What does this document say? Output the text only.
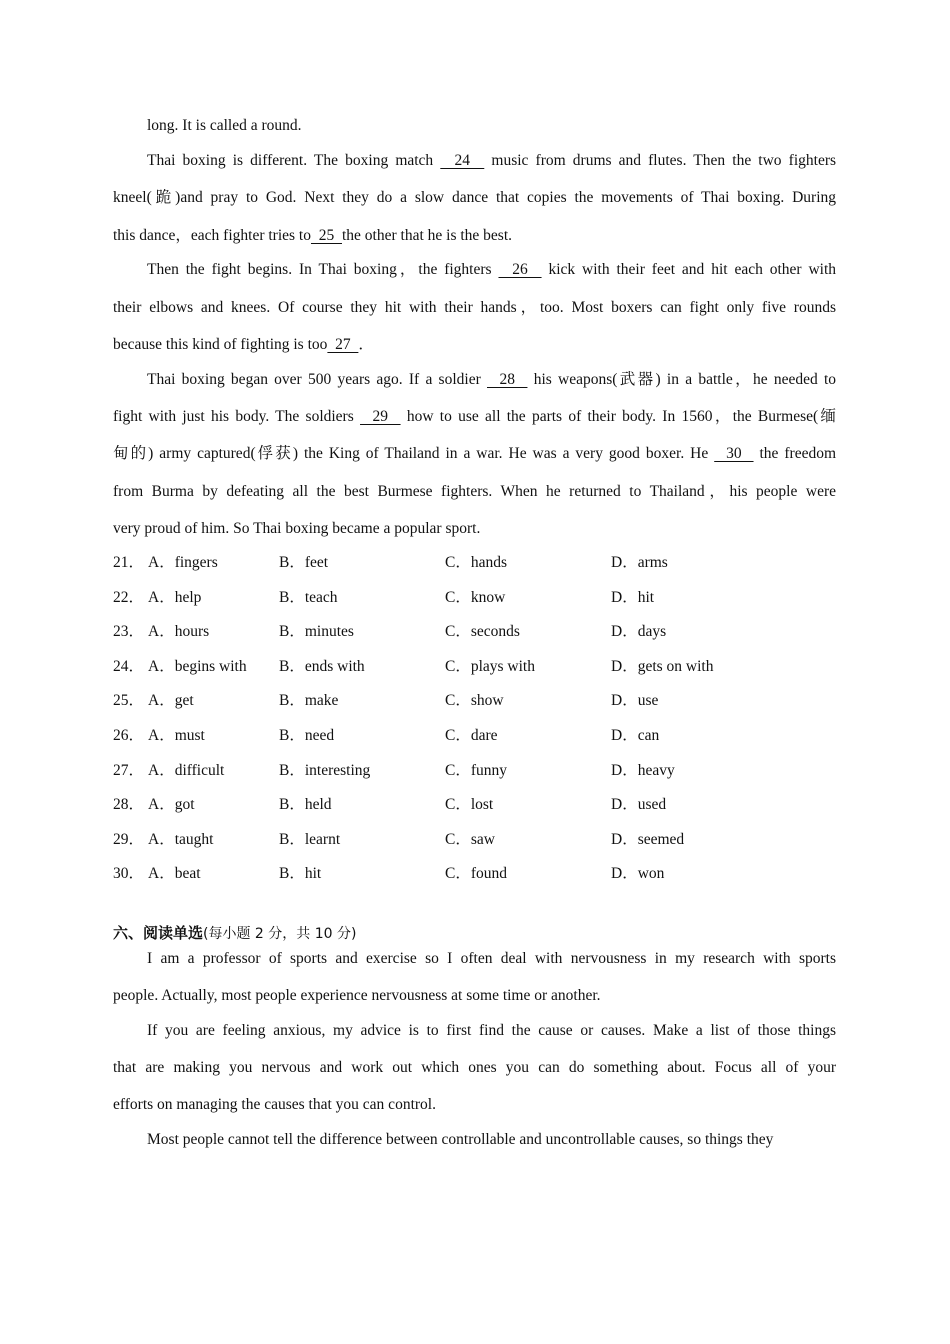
long. It is called a round.
Thai boxing is different. The boxing match   24   music from drums and flutes. Then the two fighters
kneel(跪)and pray to God. Next they do a slow dance that copies the movements of Thai boxing. During
this dance，each fighter tries to  25  the other that he is the best.
Then the fight begins. In Thai boxing，the fighters   26   kick with their feet and hit each other with
their elbows and knees. Of course they hit with their hands，too. Most boxers can fight only five rounds
because this kind of fighting is too  27  ．
Thai boxing began over 500 years ago. If a soldier   28   his weapons(武器) in a battle，he needed to
fight with just his body. The soldiers   29   how to use all the parts of their body. In 1560，the Burmese(缅
甸的) army captured(俘获) the King of Thailand in a war. He was a very good boxer. He   30   the freedom
from Burma by defeating all the best Burmese fighters. When he returned to Thailand，his people were
very proud of him. So Thai boxing became a popular sport.
21． A．fingers	B．feet	C．hands	D．arms
22． A．help	B．teach	C．know	D．hit
23． A．hours	B．minutes	C．seconds	D．days
24． A．begins with B．ends with	C．plays with	D．gets on with
25． A．get	B．make	C．show	D．use
26． A．must	B．need	C．dare	D．can
27． A．difficult	B．interesting	C．funny	D．heavy
28． A．got	B．held	C．lost	D．used
29． A．taught	B．learnt	C．saw	D．seemed
30． A．beat	B．hit	C．found	D．won
六、阅读单选(每小题 2 分，共 10 分)
I am a professor of sports and exercise so I often deal with nervousness in my research with sports
people. Actually, most people experience nervousness at some time or another.
If you are feeling anxious, my advice is to first find the cause or causes. Make a list of those things
that are making you nervous and work out which ones you can do something about. Focus all of your
efforts on managing the causes that you can control.
Most people cannot tell the difference between controllable and uncontrollable causes, so things they
